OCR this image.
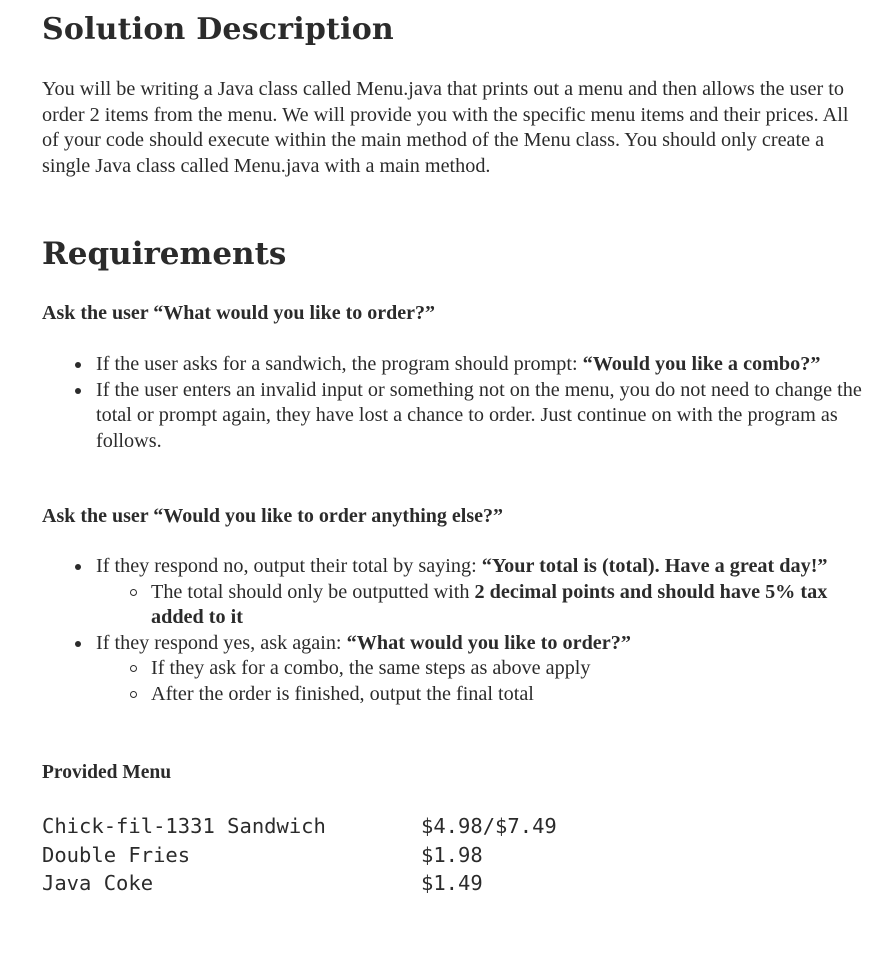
Solution Description

You will be writing a Java class called Menu.java that prints out a menu and then allows the user to order 2 items from the menu. We will provide you with the specific menu items and their prices. All of your code should execute within the main method of the Menu class. You should only create a single Java class called Menu.java with a main method.

Requirements

Ask the user “What would you like to order?”

If the user asks for a sandwich, the program should prompt: “Would you like a combo?”
If the user enters an invalid input or something not on the menu, you do not need to change the total or prompt again, they have lost a chance to order. Just continue on with the program as follows.

Ask the user “Would you like to order anything else?”

If they respond no, output their total by saying: “Your total is (total). Have a great day!”
The total should only be outputted with 2 decimal points and should have 5% tax added to it
If they respond yes, ask again: “What would you like to order?”
If they ask for a combo, the same steps as above apply
After the order is finished, output the final total

Provided Menu

Chick-fil-1331 Sandwich	$4.98/$7.49
Double Fries	$1.98
Java Coke	$1.49
